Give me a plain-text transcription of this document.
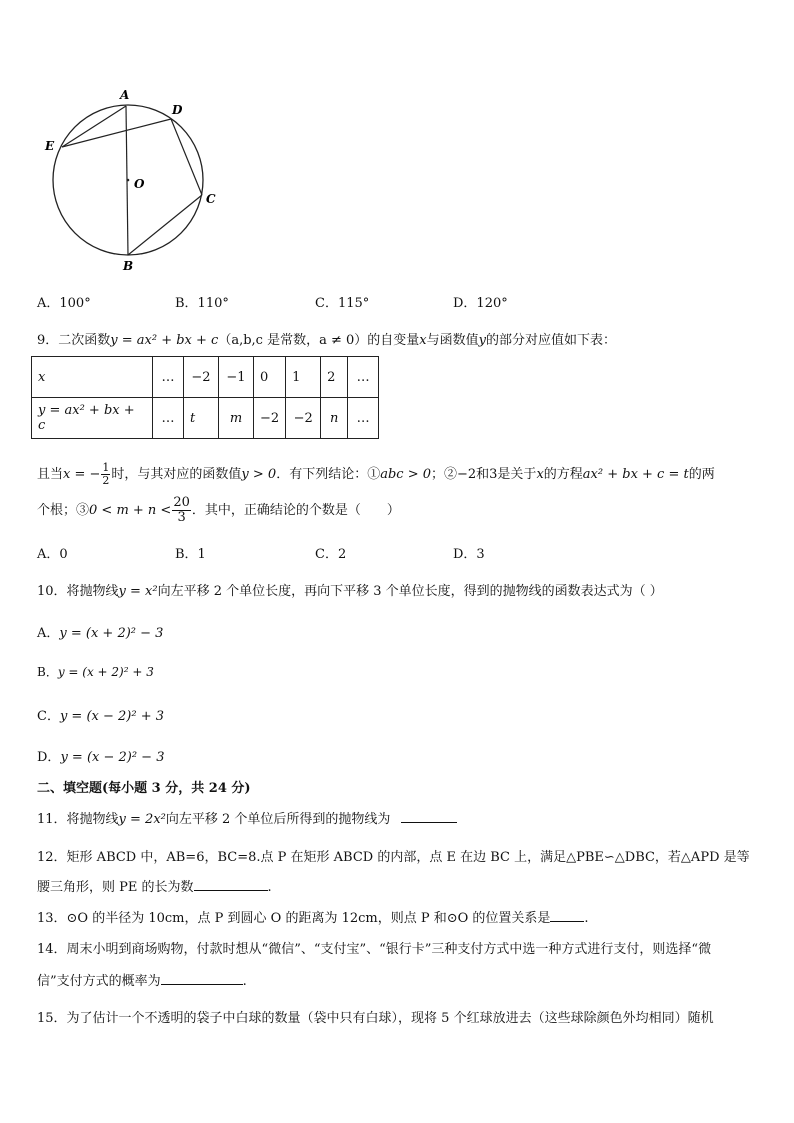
A
D
E
O
C
B
A．100°	B．110°	C．115°	D．120°
9．二次函数y = ax² + bx + c（a,b,c 是常数，a ≠ 0）的自变量x与函数值y的部分对应值如下表：
x	…	−2	−1	0	1	2	…
y = ax² + bx + c	…	t	m	−2	−2	n	…
且当x = − $\frac{1}{2}$ 时，与其对应的函数值y > 0．有下列结论：①abc > 0；②−2和3是关于x的方程ax² + bx + c = t的两
个根；③0 < $m + n < \frac{20}{3}$ ．其中，正确结论的个数是（　　）
A．0	B．1	C．2	D．3
10．将抛物线y = x²向左平移 2 个单位长度，再向下平移 3 个单位长度，得到的抛物线的函数表达式为（ ）
A．y = (x + 2)² − 3
B．y = (x + 2)² + 3
C．y = (x − 2)² + 3
D．y = (x − 2)² − 3
二、填空题(每小题 3 分，共 24 分)
11．将抛物线y = 2x²向左平移 2 个单位后所得到的抛物线为
12．矩形 ABCD 中，AB=6，BC=8.点 P 在矩形 ABCD 的内部，点 E 在边 BC 上，满足△PBE∽△DBC，若△APD 是等
腰三角形，则 PE 的长为数	.
13．⊙O 的半径为 10cm，点 P 到圆心 O 的距离为 12cm，则点 P 和⊙O 的位置关系是	.
14．周末小明到商场购物，付款时想从“微信”、“支付宝”、“银行卡”三种支付方式中选一种方式进行支付，则选择“微
信”支付方式的概率为	.
15．为了估计一个不透明的袋子中白球的数量（袋中只有白球），现将 5 个红球放进去（这些球除颜色外均相同）随机
